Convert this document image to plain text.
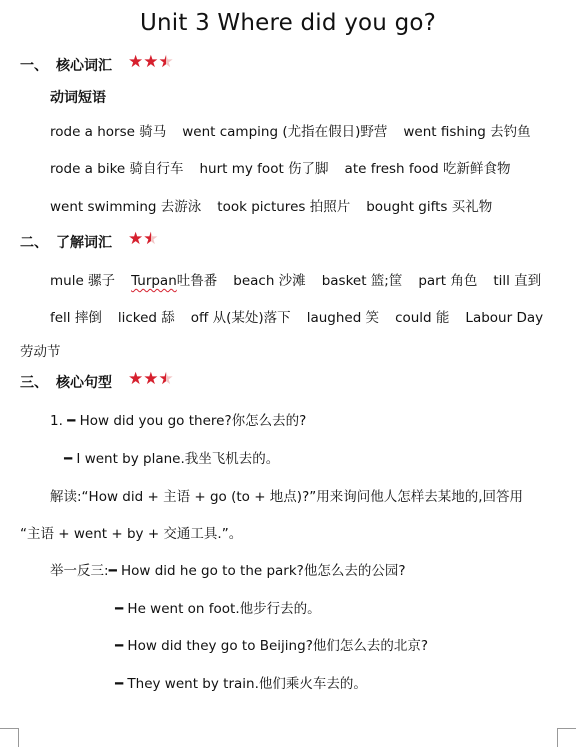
Unit 3 Where did you go?
一、 核心词汇 ★★★ ★
动词短语
rode a horse 骑马 went camping (尤指在假日)野营 went fishing 去钓鱼
rode a bike 骑自行车 hurt my foot 伤了脚 ate fresh food 吃新鲜食物
went swimming 去游泳 took pictures 拍照片 bought gifts 买礼物
二、 了解词汇 ★★ ★
mule 骡子 Turpan吐鲁番 beach 沙滩 basket 篮;筐 part 角色 till 直到
fell 摔倒 licked 舔 off 从(某处)落下 laughed 笑 could 能 Labour Day
劳动节
三、 核心句型 ★★★ ★
1. ━ How did you go there?你怎么去的?
━ I went by plane.我坐飞机去的。
解读:“How did + 主语 + go (to + 地点)?”用来询问他人怎样去某地的,回答用
“主语 + went + by + 交通工具.”。
举一反三:━ How did he go to the park?他怎么去的公园?
━ He went on foot.他步行去的。
━ How did they go to Beijing?他们怎么去的北京?
━ They went by train.他们乘火车去的。
